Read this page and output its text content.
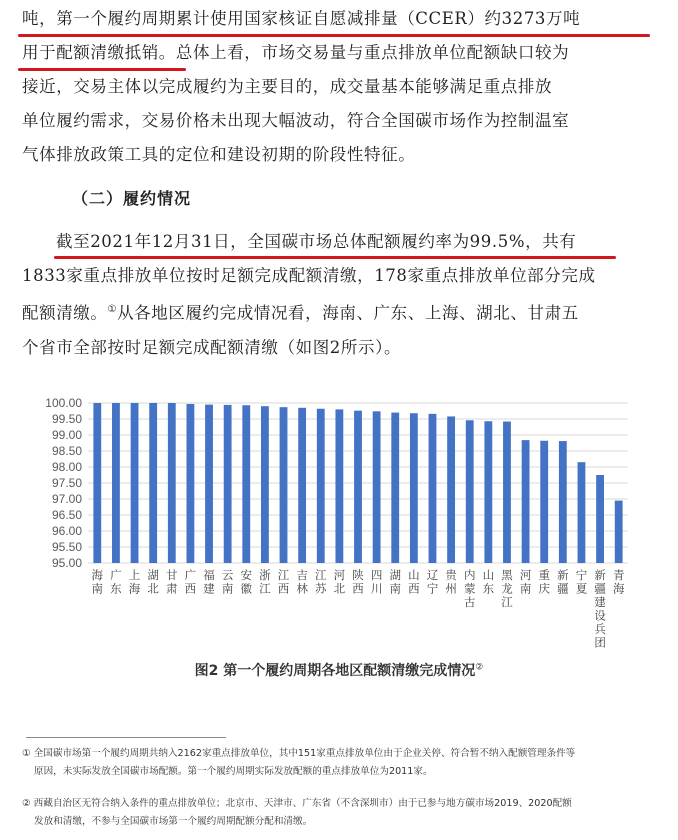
吨，第一个履约周期累计使用国家核证自愿减排量（CCER）约3273万吨
用于配额清缴抵销。总体上看，市场交易量与重点排放单位配额缺口较为
接近，交易主体以完成履约为主要目的，成交量基本能够满足重点排放
单位履约需求，交易价格未出现大幅波动，符合全国碳市场作为控制温室
气体排放政策工具的定位和建设初期的阶段性特征。
（二）履约情况
截至2021年12月31日，全国碳市场总体配额履约率为99.5%，共有
1833家重点排放单位按时足额完成配额清缴，178家重点排放单位部分完成
配额清缴。①从各地区履约完成情况看，海南、广东、上海、湖北、甘肃五
个省市全部按时足额完成配额清缴（如图2所示）。
100.00
99.50
99.00
98.50
98.00
97.50
97.00
96.50
96.00
95.50
95.00
海南
广东
上海
湖北
甘肃
广西
福建
云南
安徽
浙江
江西
吉林
江苏
河北
陕西
四川
湖南
山西
辽宁
贵州
内蒙古
山东
黑龙江
河南
重庆
新疆
宁夏
新疆建设兵团
青海
图2 第一个履约周期各地区配额清缴完成情况②
① 全国碳市场第一个履约周期共纳入2162家重点排放单位，其中151家重点排放单位由于企业关停、符合暂不纳入配额管理条件等
原因，未实际发放全国碳市场配额。第一个履约周期实际发放配额的重点排放单位为2011家。
② 西藏自治区无符合纳入条件的重点排放单位；北京市、天津市、广东省（不含深圳市）由于已参与地方碳市场2019、2020配额
发放和清缴，不参与全国碳市场第一个履约周期配额分配和清缴。
